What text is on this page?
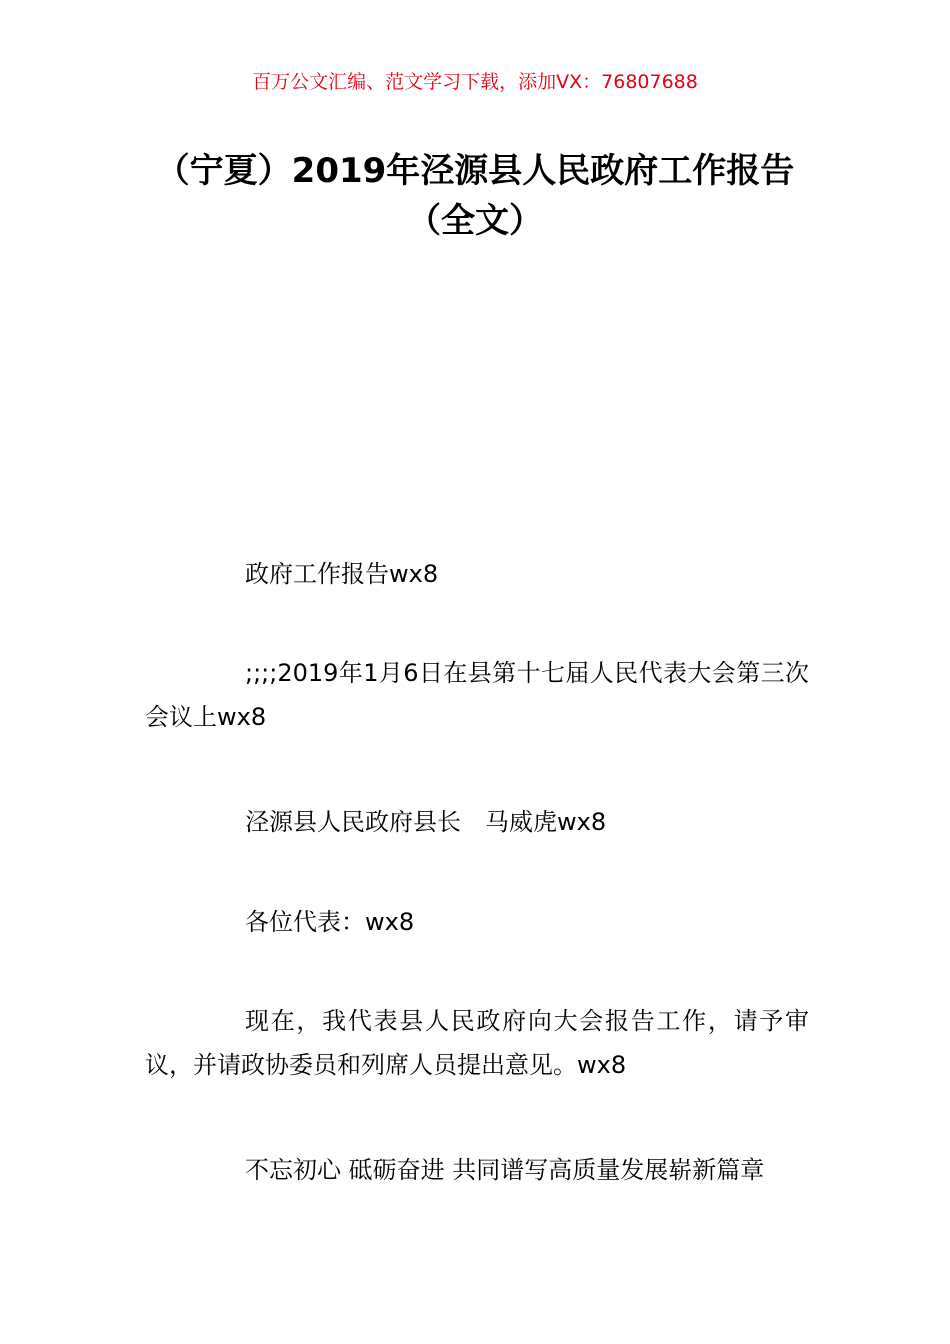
百万公文汇编、范文学习下载，添加VX：76807688
（宁夏）2019年泾源县人民政府工作报告（全文）

政府工作报告wx8

;;;;2019年1月6日在县第十七届人民代表大会第三次会议上wx8

泾源县人民政府县长　马威虎wx8

各位代表：wx8

现在，我代表县人民政府向大会报告工作，请予审议，并请政协委员和列席人员提出意见。wx8

不忘初心 砥砺奋进 共同谱写高质量发展崭新篇章
